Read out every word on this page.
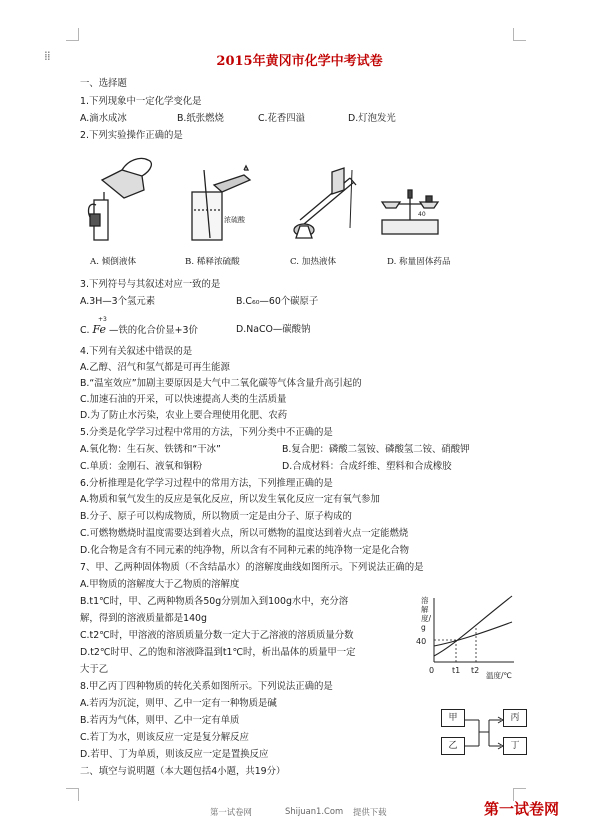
⁞⁞	2015年黄冈市化学中考试卷
一、选择题
1.下列现象中一定化学变化是
A.滴水成冰	B.纸张燃烧	C.花香四溢	D.灯泡发光
2.下列实验操作正确的是
浓硫酸
40
A. 倾倒液体	B. 稀释浓硫酸	C. 加热液体	D. 称量固体药品
3.下列符号与其叙述对应一致的是
A.3H—3个氢元素	B.C₆₀—60个碳原子
C. Fe —铁的化合价显+3价
+3
D.NaCO—碳酸钠
4.下列有关叙述中错误的是
A.乙醇、沼气和氢气都是可再生能源
B.“温室效应”加剧主要原因是大气中二氧化碳等气体含量升高引起的
C.加速石油的开采，可以快速提高人类的生活质量
D.为了防止水污染，农业上要合理使用化肥、农药
5.分类是化学学习过程中常用的方法，下列分类中不正确的是
A.氧化物：生石灰、铁锈和“干冰”	B.复合肥：磷酸二氢铵、磷酸氢二铵、硝酸钾
C.单质：金刚石、液氧和铜粉	D.合成材料：合成纤维、塑料和合成橡胶
6.分析推理是化学学习过程中的常用方法，下列推理正确的是
A.物质和氧气发生的反应是氧化反应，所以发生氧化反应一定有氧气参加
B.分子、原子可以构成物质，所以物质一定是由分子、原子构成的
C.可燃物燃烧时温度需要达到着火点，所以可燃物的温度达到着火点一定能燃烧
D.化合物是含有不同元素的纯净物，所以含有不同种元素的纯净物一定是化合物
7、甲、乙两种固体物质（不含结晶水）的溶解度曲线如图所示。下列说法正确的是
A.甲物质的溶解度大于乙物质的溶解度
B.t1℃时，甲、乙两种物质各50g分别加入到100g水中，充分溶
解，得到的溶液质量都是140g
C.t2℃时，甲溶液的溶质质量分数一定大于乙溶液的溶质质量分数
D.t2℃时甲、乙的饱和溶液降温到t1℃时，析出晶体的质量甲一定
大于乙
40
0 t1 t2
温度/℃
溶解度/g
8.甲乙丙丁四种物质的转化关系如图所示。下列说法正确的是
A.若丙为沉淀，则甲、乙中一定有一种物质是碱
B.若丙为气体，则甲、乙中一定有单质
C.若丁为水，则该反应一定是复分解反应
D.若甲、丁为单质，则该反应一定是置换反应
甲
乙
丙
丁
二、填空与说明题（本大题包括4小题，共19分）
第一试卷网	Shijuan1.Com 提供下载	第一试卷网
